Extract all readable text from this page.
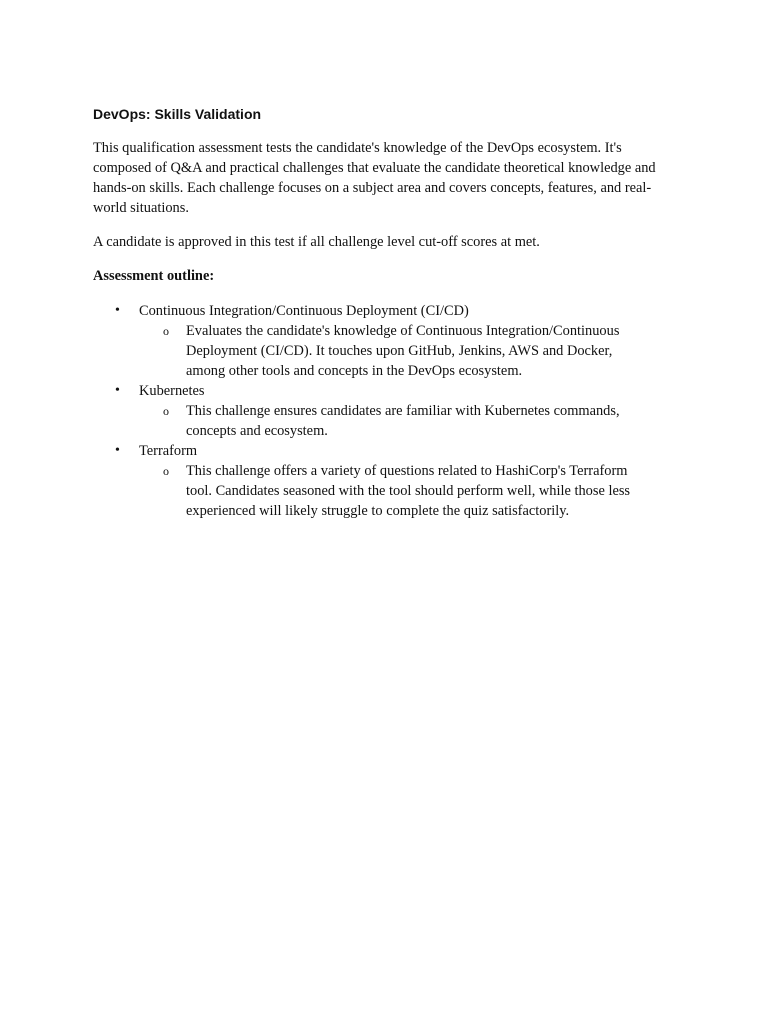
DevOps: Skills Validation

This qualification assessment tests the candidate's knowledge of the DevOps ecosystem. It's composed of Q&A and practical challenges that evaluate the candidate theoretical knowledge and hands-on skills. Each challenge focuses on a subject area and covers concepts, features, and real-world situations.

A candidate is approved in this test if all challenge level cut-off scores at met.

Assessment outline:
•	Continuous Integration/Continuous Deployment (CI/CD)
o Evaluates the candidate's knowledge of Continuous Integration/Continuous Deployment (CI/CD). It touches upon GitHub, Jenkins, AWS and Docker, among other tools and concepts in the DevOps ecosystem.
•	Kubernetes
o This challenge ensures candidates are familiar with Kubernetes commands, concepts and ecosystem.
•	Terraform
o This challenge offers a variety of questions related to HashiCorp's Terraform tool. Candidates seasoned with the tool should perform well, while those less experienced will likely struggle to complete the quiz satisfactorily.
